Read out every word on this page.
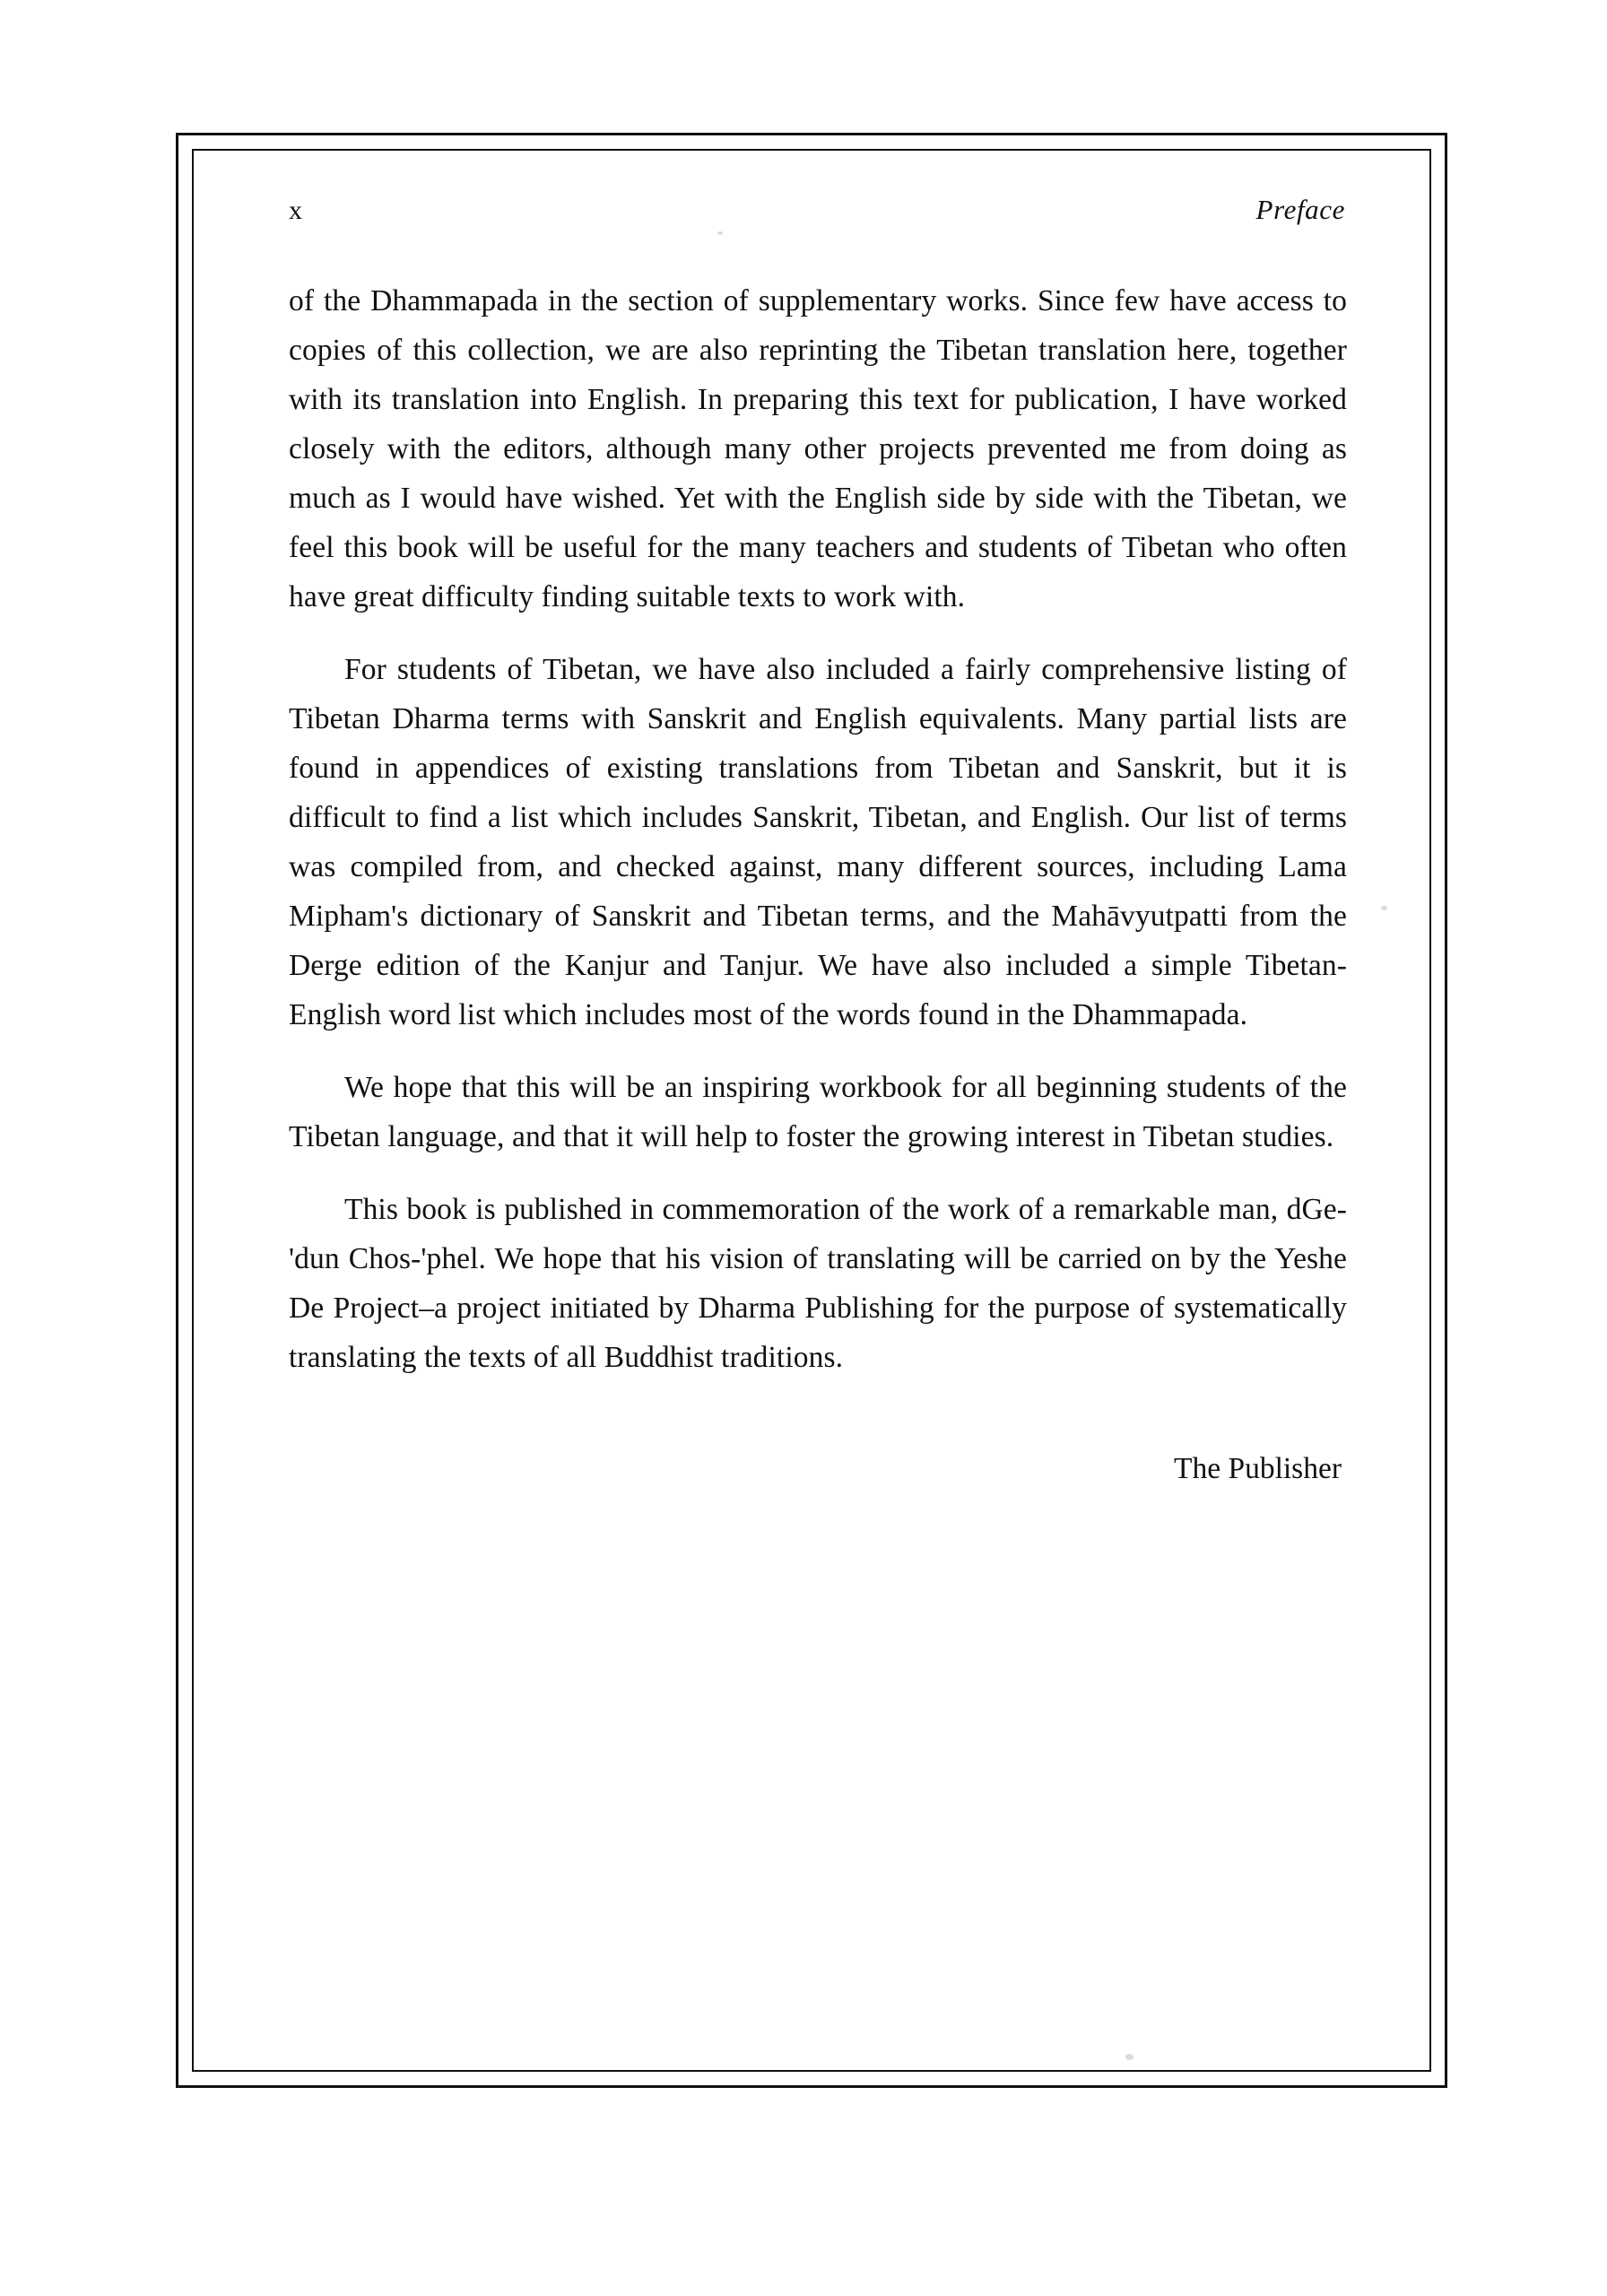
x	Preface

of the Dhammapada in the section of supplementary works. Since few have access to copies of this collection, we are also reprinting the Tibetan translation here, together with its translation into English. In preparing this text for publication, I have worked closely with the editors, although many other projects prevented me from doing as much as I would have wished. Yet with the English side by side with the Tibetan, we feel this book will be useful for the many teachers and students of Tibetan who often have great difficulty finding suitable texts to work with.

For students of Tibetan, we have also included a fairly comprehensive listing of Tibetan Dharma terms with Sanskrit and English equivalents. Many partial lists are found in appendices of existing translations from Tibetan and Sanskrit, but it is difficult to find a list which includes Sanskrit, Tibetan, and English. Our list of terms was compiled from, and checked against, many different sources, including Lama Mipham's dictionary of Sanskrit and Tibetan terms, and the Mahāvyutpatti from the Derge edition of the Kanjur and Tanjur. We have also included a simple Tibetan-English word list which includes most of the words found in the Dhammapada.

We hope that this will be an inspiring workbook for all beginning students of the Tibetan language, and that it will help to foster the growing interest in Tibetan studies.

This book is published in commemoration of the work of a remarkable man, dGe-'dun Chos-'phel. We hope that his vision of translating will be carried on by the Yeshe De Project–a project initiated by Dharma Publishing for the purpose of systematically translating the texts of all Buddhist traditions.

The Publisher
